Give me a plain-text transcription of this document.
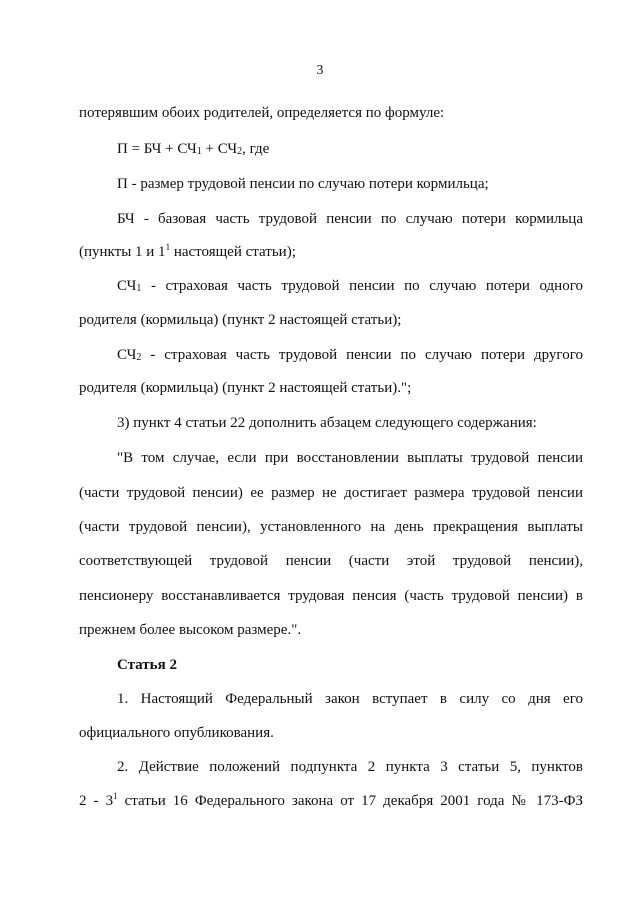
3
потерявшим обоих родителей, определяется по формуле:
П = БЧ + $СЧ_1 + СЧ_2$, где
П - размер трудовой пенсии по случаю потери кормильца;
БЧ - базовая часть трудовой пенсии по случаю потери кормильца
(пункты 1 и $1^1$ настоящей статьи);
$СЧ_1$ - страховая часть трудовой пенсии по случаю потери одного
родителя (кормильца) (пункт 2 настоящей статьи);
$СЧ_2$ - страховая часть трудовой пенсии по случаю потери другого
родителя (кормильца) (пункт 2 настоящей статьи).";
3) пункт 4 статьи 22 дополнить абзацем следующего содержания:
"В том случае, если при восстановлении выплаты трудовой пенсии
(части трудовой пенсии) ее размер не достигает размера трудовой пенсии
(части трудовой пенсии), установленного на день прекращения выплаты
соответствующей трудовой пенсии (части этой трудовой пенсии),
пенсионеру восстанавливается трудовая пенсия (часть трудовой пенсии) в
прежнем более высоком размере.".
Статья 2
1. Настоящий Федеральный закон вступает в силу со дня его
официального опубликования.
2. Действие положений подпункта 2 пункта 3 статьи 5, пунктов
$2 - 3^1$ статьи 16 Федерального закона от 17 декабря 2001 года № 173-ФЗ
